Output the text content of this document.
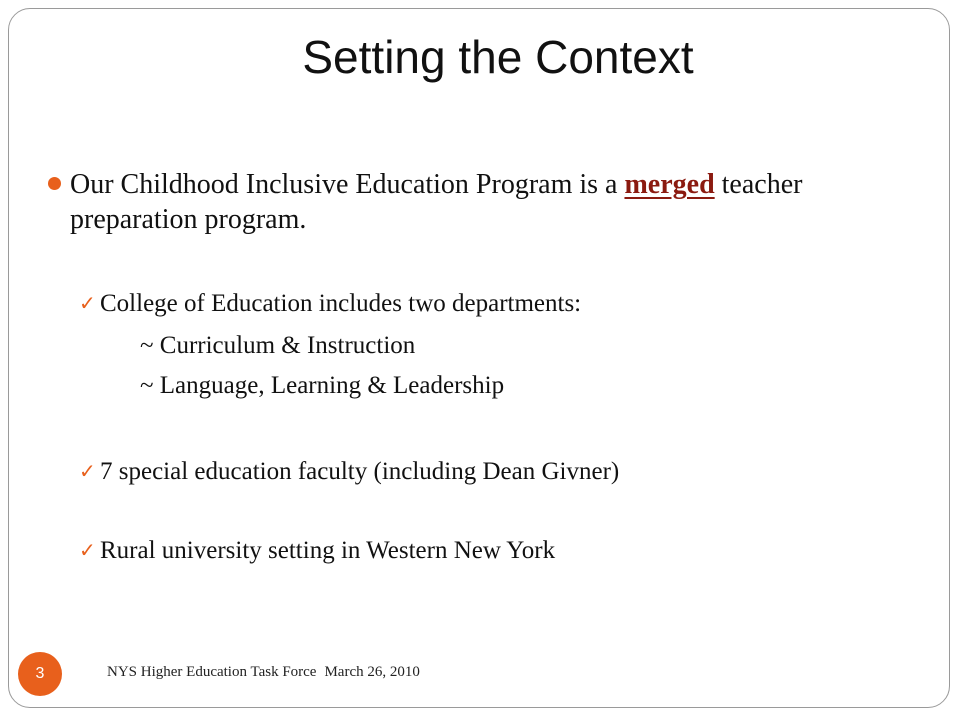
Setting the Context
Our Childhood Inclusive Education Program is a merged teacher preparation program.
✓ College of Education includes two departments:
~ Curriculum & Instruction
~ Language, Learning & Leadership
✓ 7 special education faculty (including Dean Givner)
✓ Rural university setting in Western New York
3	NYS Higher Education Task Force March 26, 2010
